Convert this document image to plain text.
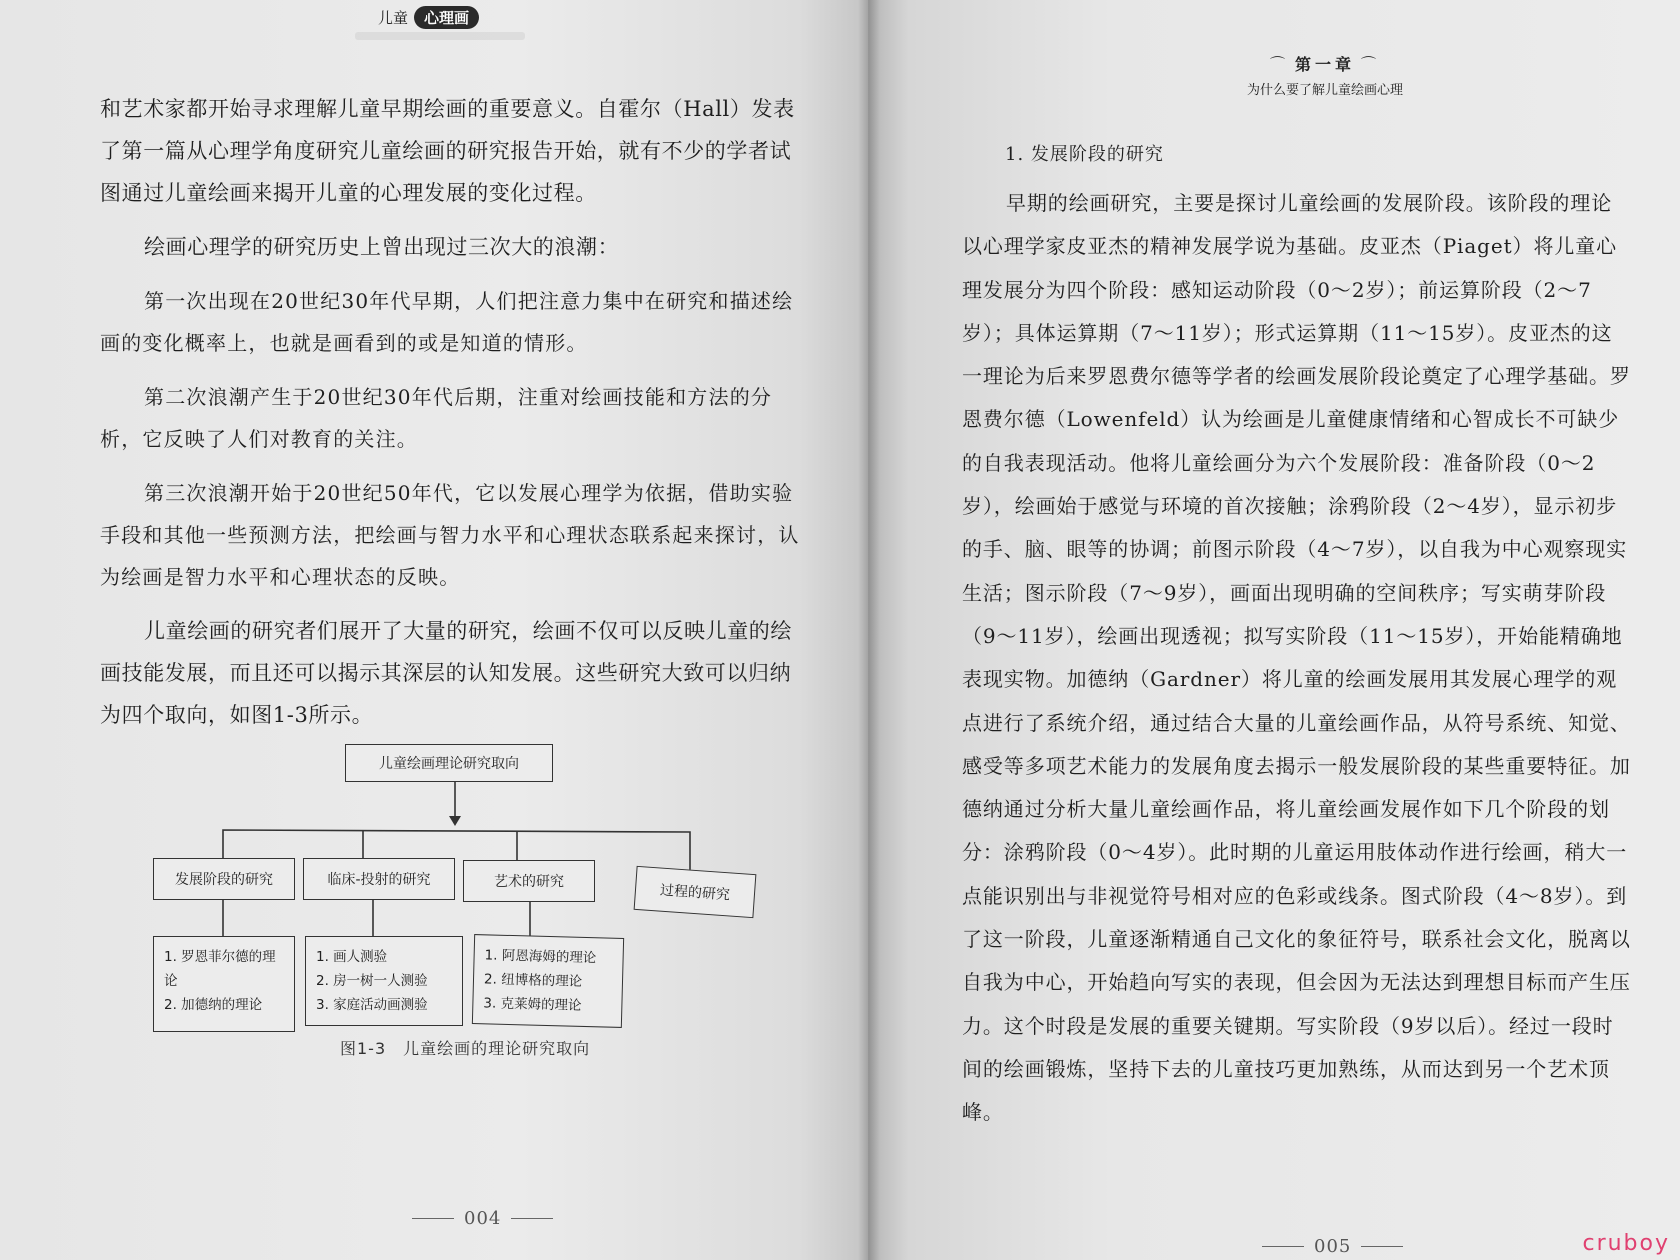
儿童	心理画

和艺术家都开始寻求理解儿童早期绘画的重要意义。自霍尔（Hall）发表了第一篇从心理学角度研究儿童绘画的研究报告开始，就有不少的学者试图通过儿童绘画来揭开儿童的心理发展的变化过程。

绘画心理学的研究历史上曾出现过三次大的浪潮：

第一次出现在20世纪30年代早期，人们把注意力集中在研究和描述绘画的变化概率上，也就是画看到的或是知道的情形。

第二次浪潮产生于20世纪30年代后期，注重对绘画技能和方法的分析，它反映了人们对教育的关注。

第三次浪潮开始于20世纪50年代，它以发展心理学为依据，借助实验手段和其他一些预测方法，把绘画与智力水平和心理状态联系起来探讨，认为绘画是智力水平和心理状态的反映。

儿童绘画的研究者们展开了大量的研究，绘画不仅可以反映儿童的绘画技能发展，而且还可以揭示其深层的认知发展。这些研究大致可以归纳为四个取向，如图1-3所示。

儿童绘画理论研究取向
发展阶段的研究	临床-投射的研究	艺术的研究
过程的研究
1. 罗恩菲尔德的理论
2. 加德纳的理论
1. 画人测验
2. 房一树一人测验
3. 家庭活动画测验
1. 阿恩海姆的理论
2. 纽博格的理论
3. 克莱姆的理论
图1-3　儿童绘画的理论研究取向
004
⌒ 第一章 ⌒
为什么要了解儿童绘画心理
1. 发展阶段的研究

早期的绘画研究，主要是探讨儿童绘画的发展阶段。该阶段的理论以心理学家皮亚杰的精神发展学说为基础。皮亚杰（Piaget）将儿童心理发展分为四个阶段：感知运动阶段（0～2岁）；前运算阶段（2～7岁）；具体运算期（7～11岁）；形式运算期（11～15岁）。皮亚杰的这一理论为后来罗恩费尔德等学者的绘画发展阶段论奠定了心理学基础。罗恩费尔德（Lowenfeld）认为绘画是儿童健康情绪和心智成长不可缺少的自我表现活动。他将儿童绘画分为六个发展阶段：准备阶段（0～2岁），绘画始于感觉与环境的首次接触；涂鸦阶段（2～4岁），显示初步的手、脑、眼等的协调；前图示阶段（4～7岁），以自我为中心观察现实生活；图示阶段（7～9岁），画面出现明确的空间秩序；写实萌芽阶段（9～11岁），绘画出现透视；拟写实阶段（11～15岁），开始能精确地表现实物。加德纳（Gardner）将儿童的绘画发展用其发展心理学的观点进行了系统介绍，通过结合大量的儿童绘画作品，从符号系统、知觉、感受等多项艺术能力的发展角度去揭示一般发展阶段的某些重要特征。加德纳通过分析大量儿童绘画作品，将儿童绘画发展作如下几个阶段的划分：涂鸦阶段（0～4岁）。此时期的儿童运用肢体动作进行绘画，稍大一点能识别出与非视觉符号相对应的色彩或线条。图式阶段（4～8岁）。到了这一阶段，儿童逐渐精通自己文化的象征符号，联系社会文化，脱离以自我为中心，开始趋向写实的表现，但会因为无法达到理想目标而产生压力。这个时段是发展的重要关键期。写实阶段（9岁以后）。经过一段时间的绘画锻炼，坚持下去的儿童技巧更加熟练，从而达到另一个艺术顶峰。

005	cruboy
